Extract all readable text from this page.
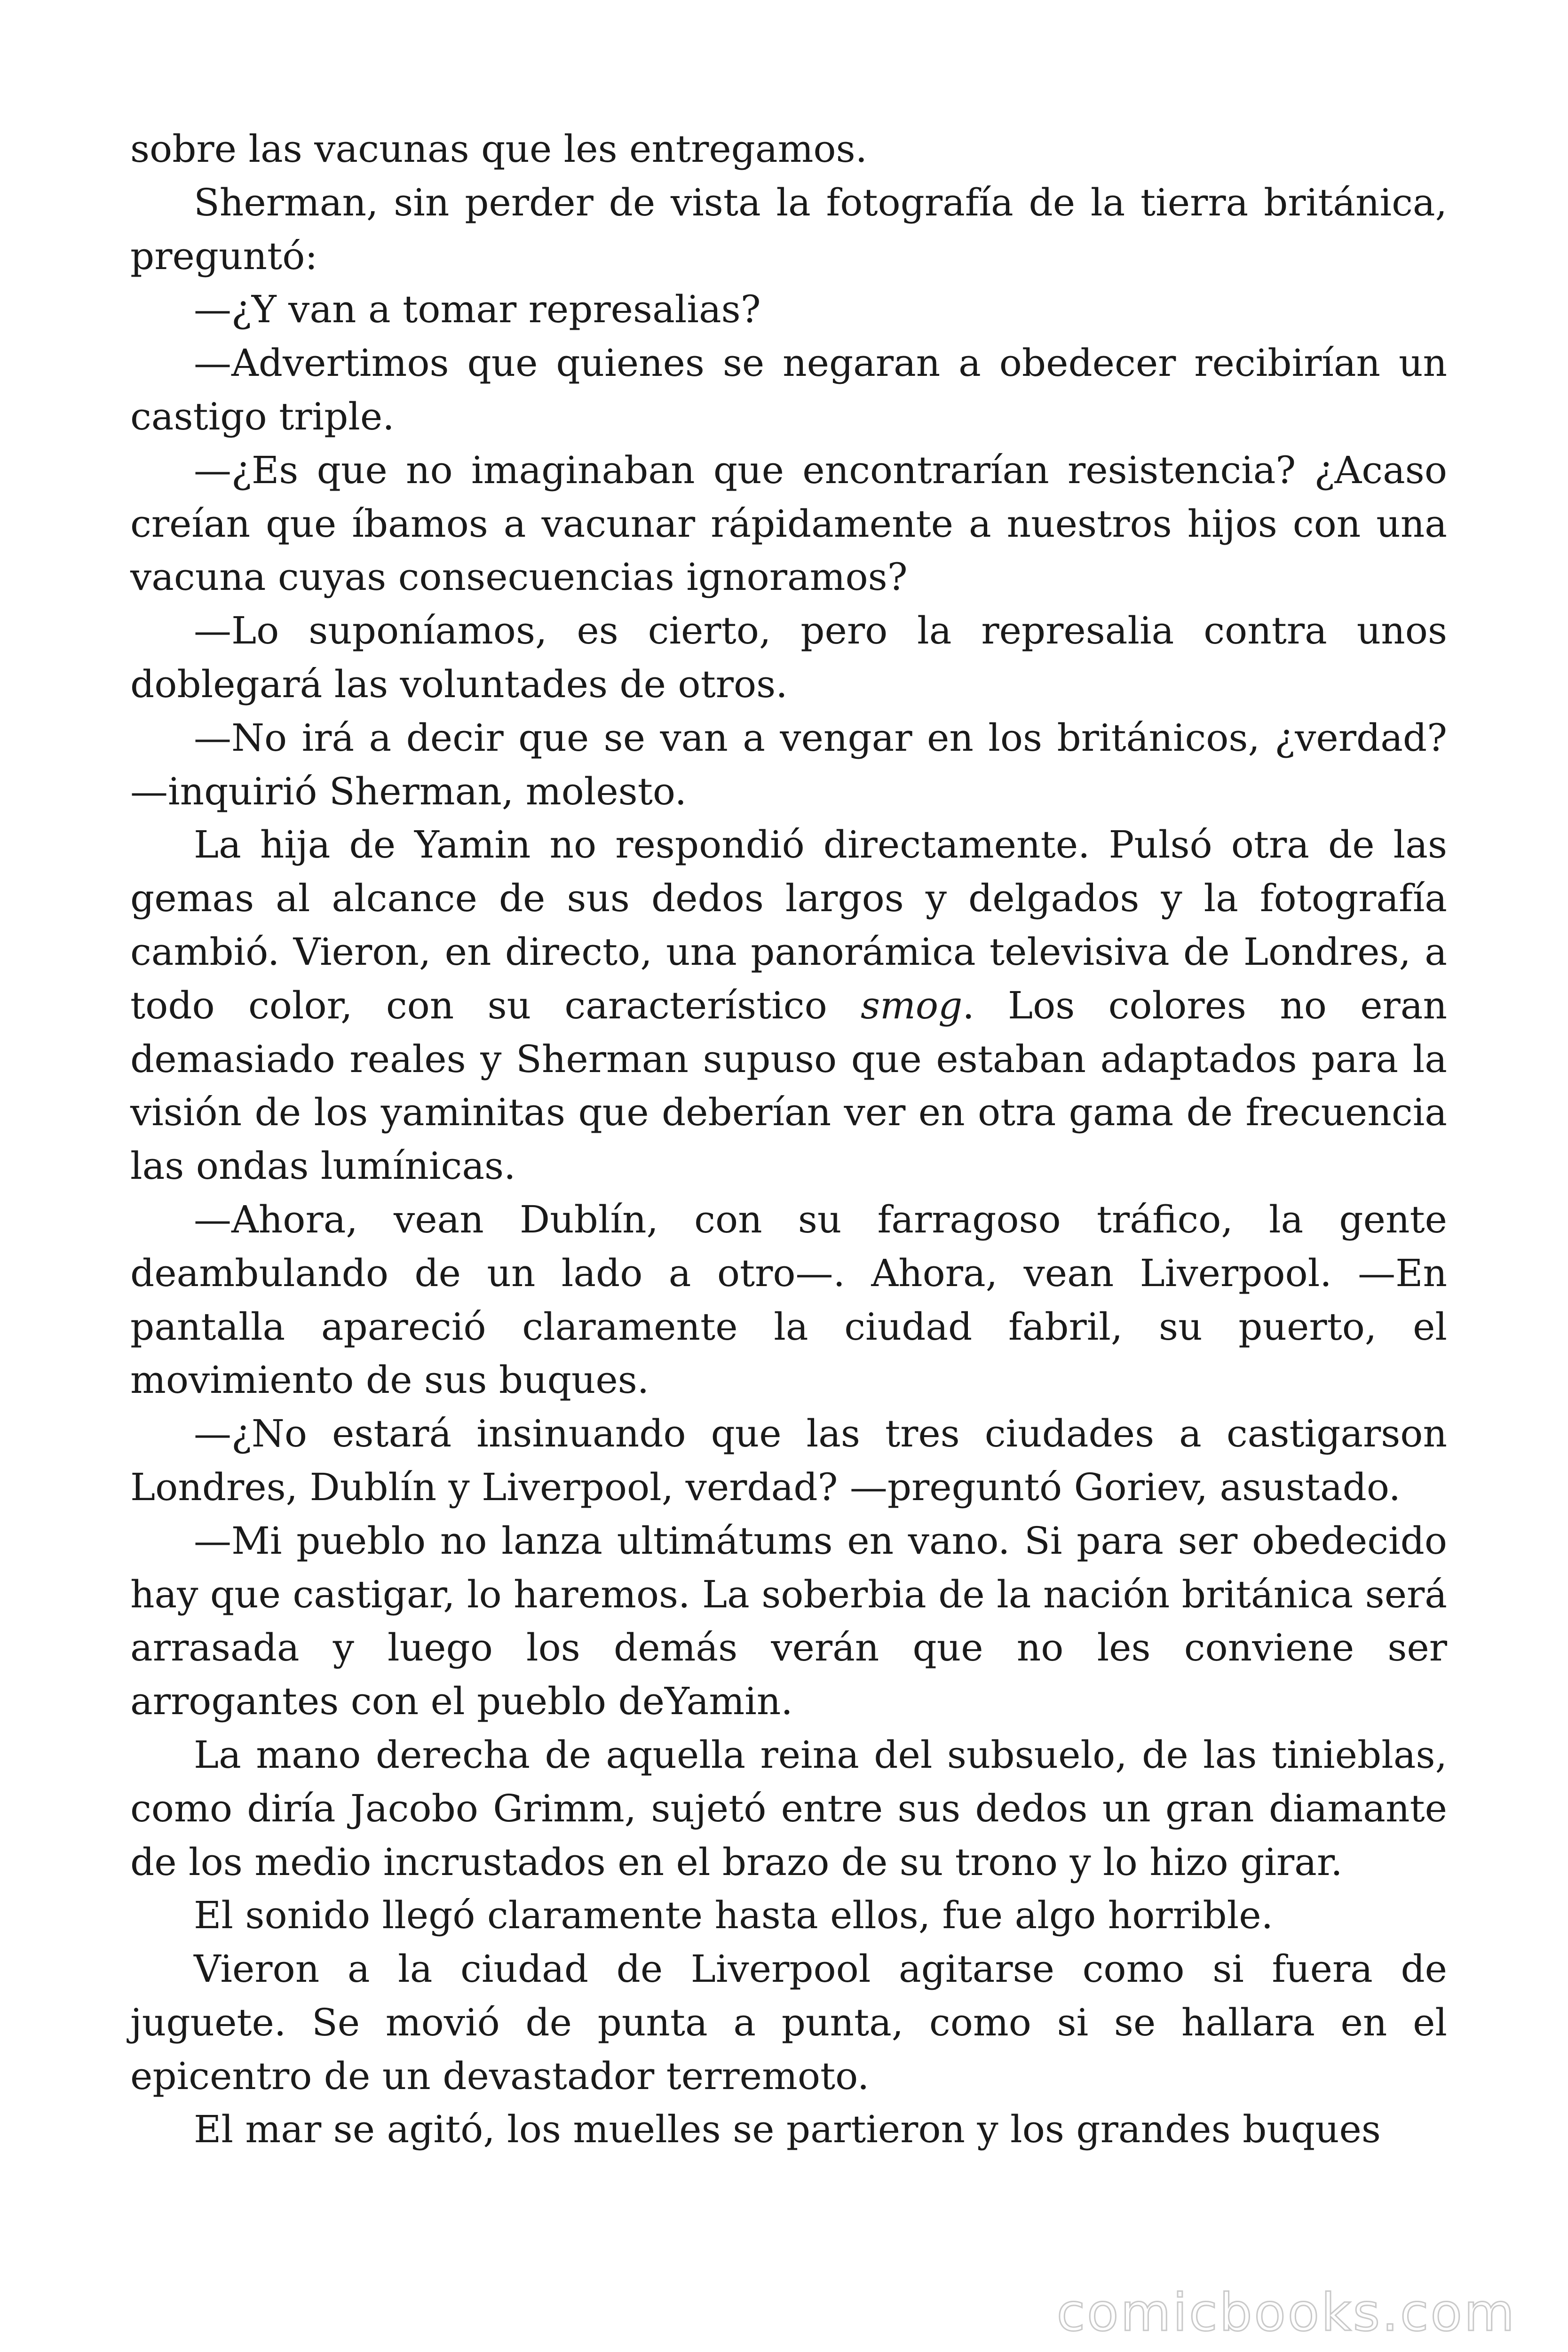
sobre las vacunas que les entregamos.

Sherman, sin perder de vista la fotografía de la tierra británica, preguntó:

—¿Y van a tomar represalias?

—Advertimos que quienes se negaran a obedecer recibirían un castigo triple.

—¿Es que no imaginaban que encontrarían resistencia? ¿Acaso creían que íbamos a vacunar rápidamente a nuestros hijos con una vacuna cuyas consecuencias ignoramos?

—Lo suponíamos, es cierto, pero la represalia contra unos doblegará las voluntades de otros.

—No irá a decir que se van a vengar en los británicos, ¿verdad? —inquirió Sherman, molesto.

La hija de Yamin no respondió directamente. Pulsó otra de las gemas al alcance de sus dedos largos y delgados y la fotografía cambió. Vieron, en directo, una panorámica televisiva de Londres, a todo color, con su característico smog. Los colores no eran demasiado reales y Sherman supuso que estaban adaptados para la visión de los yaminitas que deberían ver en otra gama de frecuencia las ondas lumínicas.

—Ahora, vean Dublín, con su farragoso tráfico, la gente deambulando de un lado a otro—. Ahora, vean Liverpool. —En pantalla apareció claramente la ciudad fabril, su puerto, el movimiento de sus buques.

—¿No estará insinuando que las tres ciudades a castigarson Londres, Dublín y Liverpool, verdad? —preguntó Goriev, asustado.

—Mi pueblo no lanza ultimátums en vano. Si para ser obedecido hay que castigar, lo haremos. La soberbia de la nación británica será arrasada y luego los demás verán que no les conviene ser arrogantes con el pueblo deYamin.

La mano derecha de aquella reina del subsuelo, de las tinieblas, como diría Jacobo Grimm, sujetó entre sus dedos un gran diamante de los medio incrustados en el brazo de su trono y lo hizo girar.

El sonido llegó claramente hasta ellos, fue algo horrible.

Vieron a la ciudad de Liverpool agitarse como si fuera de juguete. Se movió de punta a punta, como si se hallara en el epicentro de un devastador terremoto.

El mar se agitó, los muelles se partieron y los grandes buques

comicbooks.com
